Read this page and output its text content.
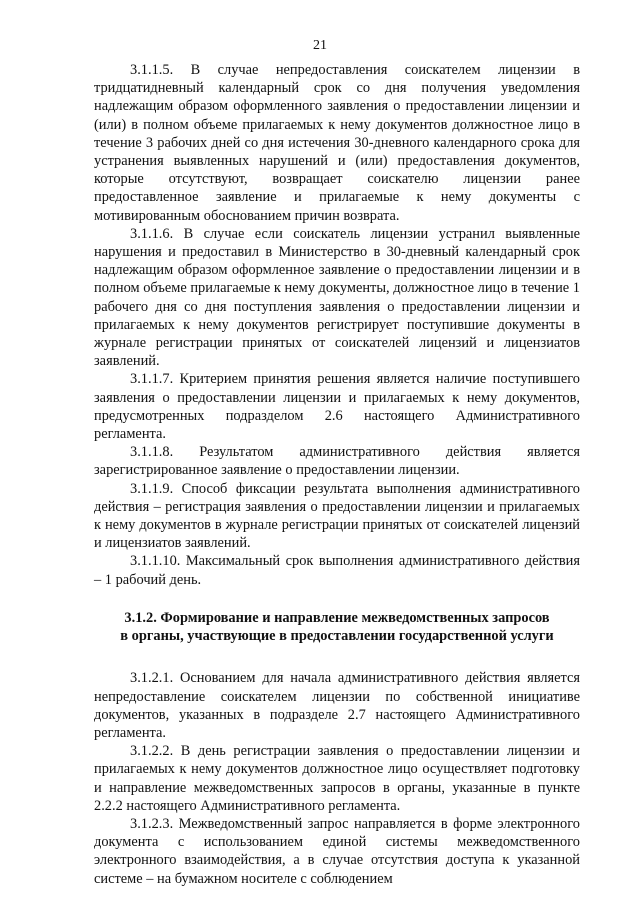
21

3.1.1.5. В случае непредоставления соискателем лицензии в тридцатидневный календарный срок со дня получения уведомления надлежащим образом оформленного заявления о предоставлении лицензии и (или) в полном объеме прилагаемых к нему документов должностное лицо в течение 3 рабочих дней со дня истечения 30-дневного календарного срока для устранения выявленных нарушений и (или) предоставления документов, которые отсутствуют, возвращает соискателю лицензии ранее предоставленное заявление и прилагаемые к нему документы с мотивированным обоснованием причин возврата.

3.1.1.6. В случае если соискатель лицензии устранил выявленные нарушения и предоставил в Министерство в 30-дневный календарный срок надлежащим образом оформленное заявление о предоставлении лицензии и в полном объеме прилагаемые к нему документы, должностное лицо в течение 1 рабочего дня со дня поступления заявления о предоставлении лицензии и прилагаемых к нему документов регистрирует поступившие документы в журнале регистрации принятых от соискателей лицензий и лицензиатов заявлений.

3.1.1.7. Критерием принятия решения является наличие поступившего заявления о предоставлении лицензии и прилагаемых к нему документов, предусмотренных подразделом 2.6 настоящего Административного регламента.

3.1.1.8. Результатом административного действия является зарегистрированное заявление о предоставлении лицензии.

3.1.1.9. Способ фиксации результата выполнения административного действия – регистрация заявления о предоставлении лицензии и прилагаемых к нему документов в журнале регистрации принятых от соискателей лицензий и лицензиатов заявлений.

3.1.1.10. Максимальный срок выполнения административного действия – 1 рабочий день.

3.1.2. Формирование и направление межведомственных запросов
в органы, участвующие в предоставлении государственной услуги

3.1.2.1. Основанием для начала административного действия является непредоставление соискателем лицензии по собственной инициативе документов, указанных в подразделе 2.7 настоящего Административного регламента.

3.1.2.2. В день регистрации заявления о предоставлении лицензии и прилагаемых к нему документов должностное лицо осуществляет подготовку и направление межведомственных запросов в органы, указанные в пункте 2.2.2 настоящего Административного регламента.

3.1.2.3. Межведомственный запрос направляется в форме электронного документа с использованием единой системы межведомственного электронного взаимодействия, а в случае отсутствия доступа к указанной системе – на бумажном носителе с соблюдением
